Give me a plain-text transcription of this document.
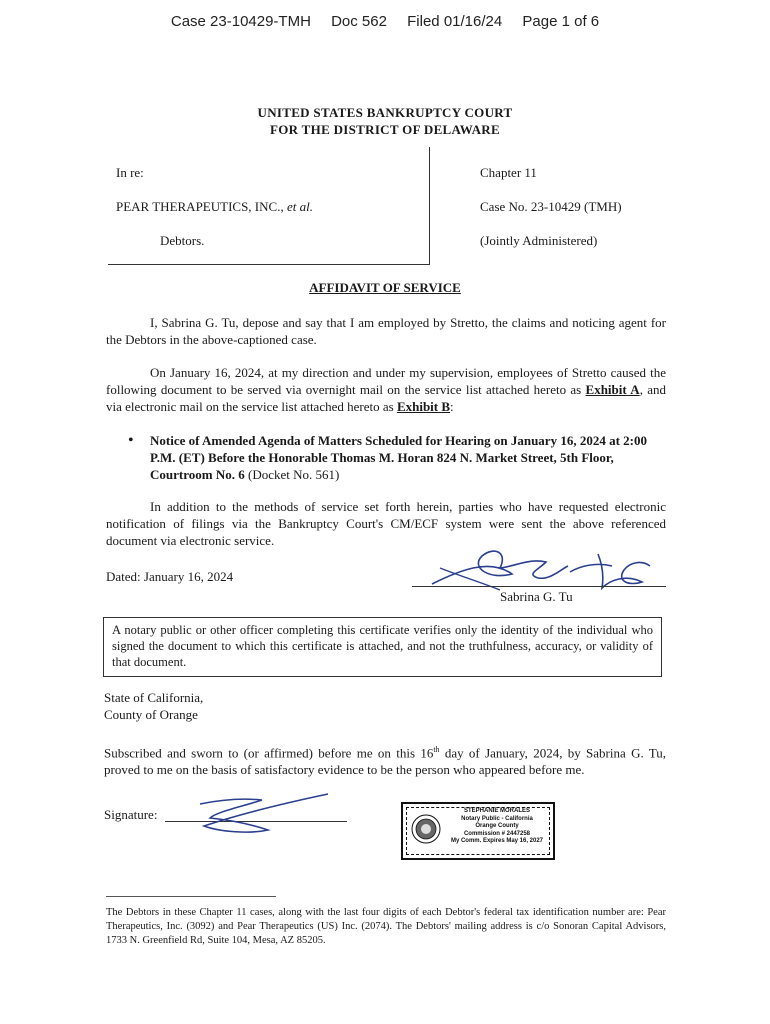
Case 23-10429-TMH Doc 562 Filed 01/16/24 Page 1 of 6
UNITED STATES BANKRUPTCY COURT
FOR THE DISTRICT OF DELAWARE
In re:
PEAR THERAPEUTICS, INC., et al.
Debtors.
Chapter 11
Case No. 23-10429 (TMH)
(Jointly Administered)
AFFIDAVIT OF SERVICE
I, Sabrina G. Tu, depose and say that I am employed by Stretto, the claims and noticing agent for the Debtors in the above-captioned case.
On January 16, 2024, at my direction and under my supervision, employees of Stretto caused the following document to be served via overnight mail on the service list attached hereto as Exhibit A, and via electronic mail on the service list attached hereto as Exhibit B:
• Notice of Amended Agenda of Matters Scheduled for Hearing on January 16, 2024 at 2:00 P.M. (ET) Before the Honorable Thomas M. Horan 824 N. Market Street, 5th Floor, Courtroom No. 6 (Docket No. 561)
In addition to the methods of service set forth herein, parties who have requested electronic notification of filings via the Bankruptcy Court's CM/ECF system were sent the above referenced document via electronic service.
Dated: January 16, 2024
Sabrina G. Tu
A notary public or other officer completing this certificate verifies only the identity of the individual who signed the document to which this certificate is attached, and not the truthfulness, accuracy, or validity of that document.
State of California,
County of Orange
Subscribed and sworn to (or affirmed) before me on this 16th day of January, 2024, by Sabrina G. Tu, proved to me on the basis of satisfactory evidence to be the person who appeared before me.
Signature:	STEPHANIE MORALES
Notary Public - California
Orange County
Commission # 2447258
My Comm. Expires May 16, 2027
The Debtors in these Chapter 11 cases, along with the last four digits of each Debtor's federal tax identification number are: Pear Therapeutics, Inc. (3092) and Pear Therapeutics (US) Inc. (2074). The Debtors' mailing address is c/o Sonoran Capital Advisors, 1733 N. Greenfield Rd, Suite 104, Mesa, AZ 85205.
